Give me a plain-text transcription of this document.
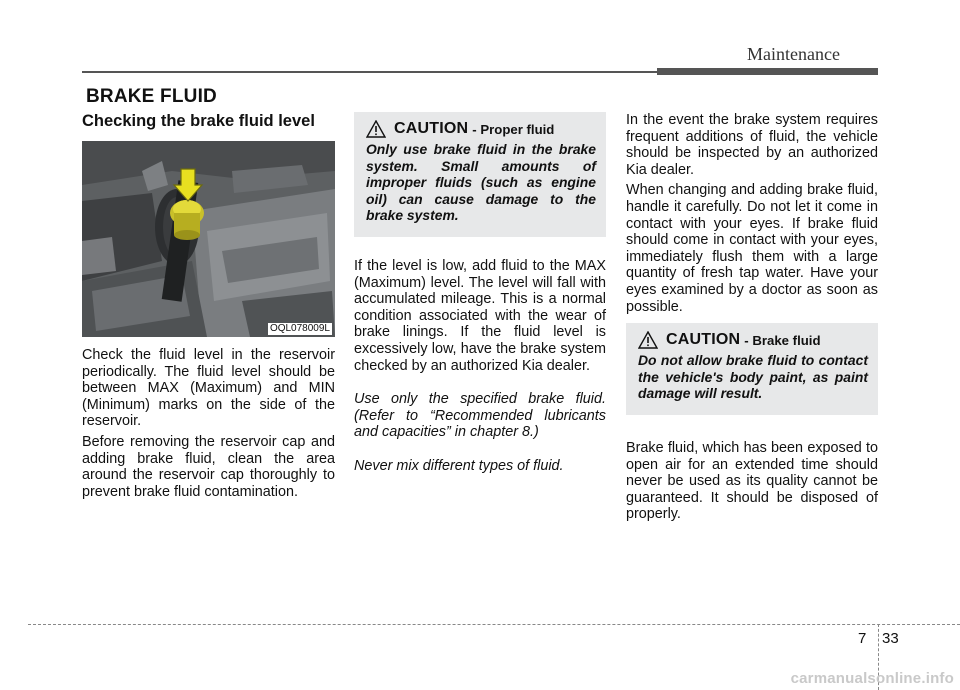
Maintenance
BRAKE FLUID
Checking the brake fluid level
OQL078009L

Check the fluid level in the reservoir periodically. The fluid level should be between MAX (Maximum) and MIN (Minimum) marks on the side of the reservoir.

Before removing the reservoir cap and adding brake fluid, clean the area around the reservoir cap thoroughly to prevent brake fluid contamination.

CAUTION - Proper fluid

Only use brake fluid in the brake system. Small amounts of improper fluids (such as engine oil) can cause damage to the brake system.

If the level is low, add fluid to the MAX (Maximum) level. The level will fall with accumulated mileage. This is a normal condition associated with the wear of brake linings. If the fluid level is excessively low, have the brake system checked by an authorized Kia dealer.

Use only the specified brake fluid. (Refer to “Recommended lubricants and capacities” in chapter 8.)

Never mix different types of fluid.

In the event the brake system requires frequent additions of fluid, the vehicle should be inspected by an authorized Kia dealer.

When changing and adding brake fluid, handle it carefully. Do not let it come in contact with your eyes. If brake fluid should come in contact with your eyes, immediately flush them with a large quantity of fresh tap water. Have your eyes examined by a doctor as soon as possible.

CAUTION - Brake fluid

Do not allow brake fluid to contact the vehicle's body paint, as paint damage will result.

Brake fluid, which has been exposed to open air for an extended time should never be used as its quality cannot be guaranteed. It should be disposed of properly.

7 33
carmanualsonline.info
